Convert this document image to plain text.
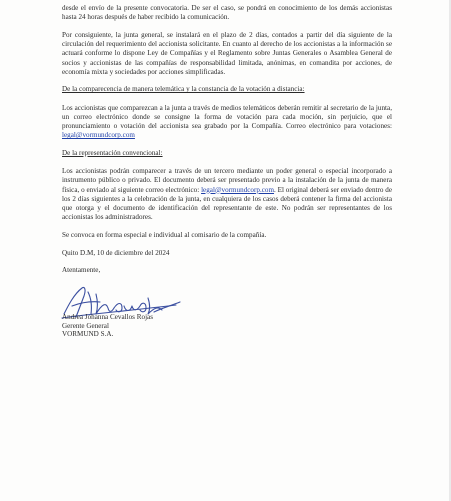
desde el envío de la presente convocatoria. De ser el caso, se pondrá en conocimiento de los demás accionistas hasta 24 horas después de haber recibido la comunicación.

Por consiguiente, la junta general, se instalará en el plazo de 2 días, contados a partir del día siguiente de la circulación del requerimiento del accionista solicitante. En cuanto al derecho de los accionistas a la información se actuará conforme lo dispone Ley de Compañías y el Reglamento sobre Juntas Generales o Asamblea General de socios y accionistas de las compañías de responsabilidad limitada, anónimas, en comandita por acciones, de economía mixta y sociedades por acciones simplificadas.

De la comparecencia de manera telemática y la constancia de la votación a distancia:

Los accionistas que comparezcan a la junta a través de medios telemáticos deberán remitir al secretario de la junta, un correo electrónico donde se consigne la forma de votación para cada moción, sin perjuicio, que el pronunciamiento o votación del accionista sea grabado por la Compañía. Correo electrónico para votaciones: legal@vormundcorp.com

De la representación convencional:

Los accionistas podrán comparecer a través de un tercero mediante un poder general o especial incorporado a instrumento público o privado. El documento deberá ser presentado previo a la instalación de la junta de manera física, o enviado al siguiente correo electrónico: legal@vormundcorp.com. El original deberá ser enviado dentro de los 2 días siguientes a la celebración de la junta, en cualquiera de los casos deberá contener la firma del accionista que otorga y el documento de identificación del representante de este. No podrán ser representantes de los accionistas los administradores.

Se convoca en forma especial e individual al comisario de la compañía.

Quito D.M, 10 de diciembre del 2024

Atentamente,

Andrea Johanna Cevallos Rojas
Gerente General
VORMUND S.A.
